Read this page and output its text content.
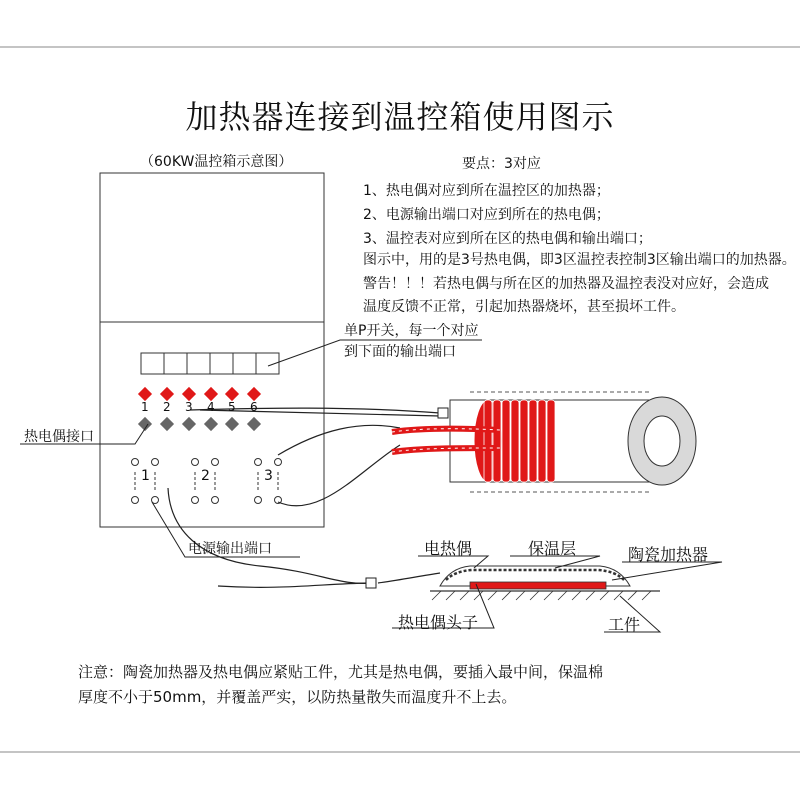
加热器连接到温控箱使用图示
（60KW温控箱示意图）	要点：3对应
1、热电偶对应到所在温控区的加热器；
2、电源输出端口对应到所在的热电偶；
3、温控表对应到所在区的热电偶和输出端口；
图示中，用的是3号热电偶，即3区温控表控制3区输出端口的加热器。
警告！！！若热电偶与所在区的加热器及温控表没对应好，会造成
温度反馈不正常，引起加热器烧坏，甚至损坏工件。
单P开关，每一个对应
到下面的输出端口
1 2 3 4 5 6
1	2	3
热电偶接口
电源输出端口	电热偶	保温层	陶瓷加热器
热电偶头子	工件
注意：陶瓷加热器及热电偶应紧贴工件，尤其是热电偶，要插入最中间，保温棉
厚度不小于50mm，并覆盖严实，以防热量散失而温度升不上去。
